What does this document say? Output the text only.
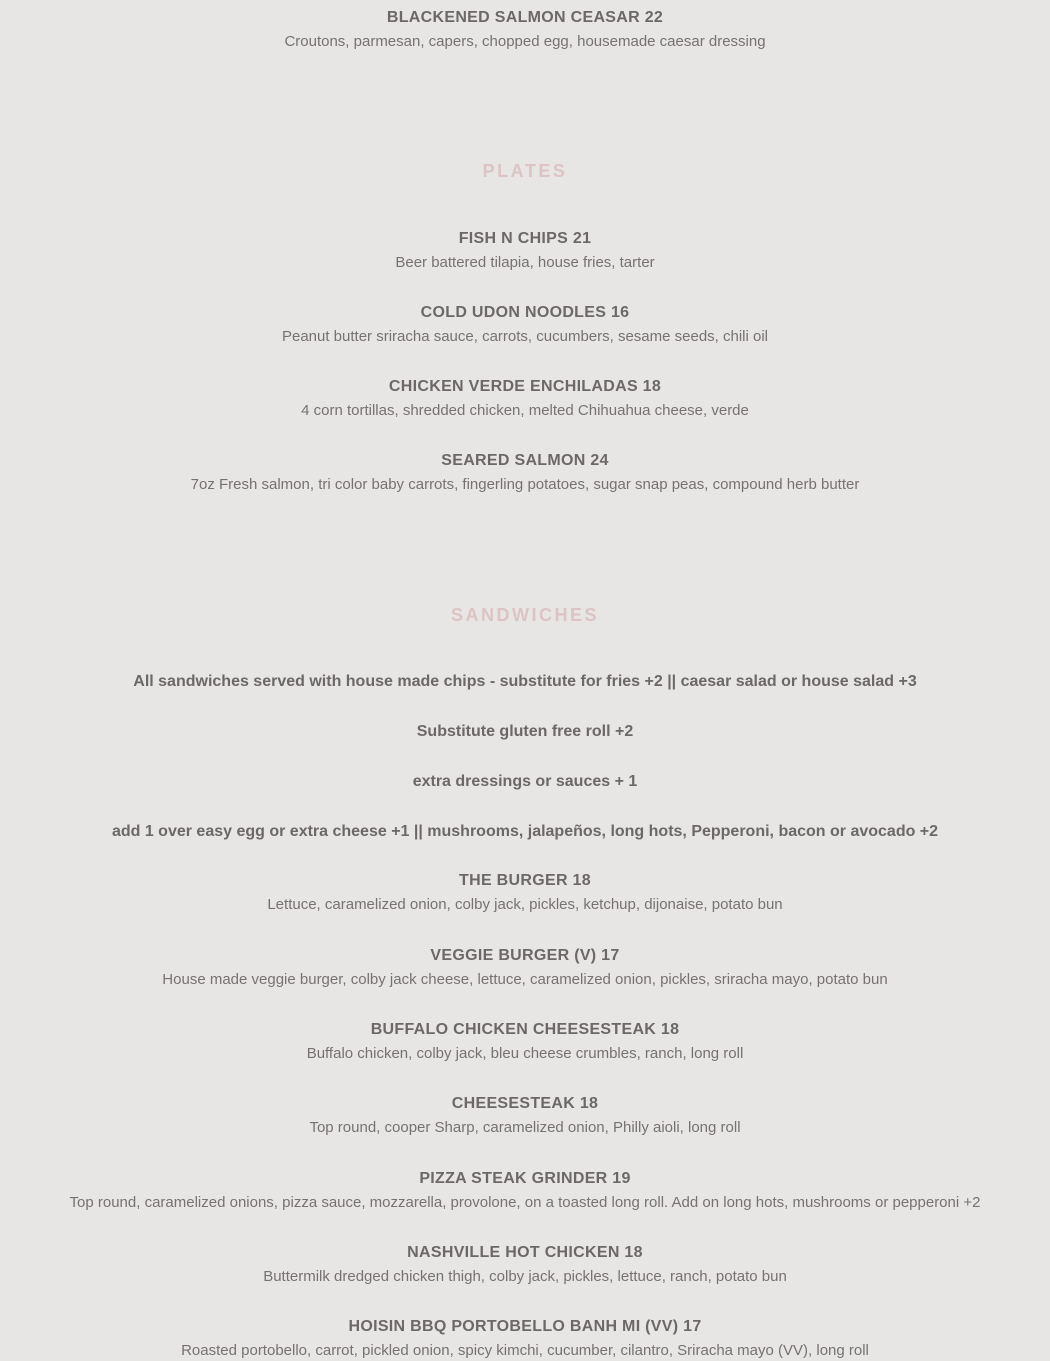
BLACKENED SALMON CEASAR 22

Croutons, parmesan, capers, chopped egg, housemade caesar dressing

PLATES

FISH N CHIPS 21

Beer battered tilapia, house fries, tarter

COLD UDON NOODLES 16

Peanut butter sriracha sauce, carrots, cucumbers, sesame seeds, chili oil

CHICKEN VERDE ENCHILADAS 18

4 corn tortillas, shredded chicken, melted Chihuahua cheese, verde

SEARED SALMON 24

7oz Fresh salmon, tri color baby carrots, fingerling potatoes, sugar snap peas, compound herb butter

SANDWICHES

All sandwiches served with house made chips - substitute for fries +2 || caesar salad or house salad +3

Substitute gluten free roll +2

extra dressings or sauces + 1

add 1 over easy egg or extra cheese +1 || mushrooms, jalapeños, long hots, Pepperoni, bacon or avocado +2

THE BURGER 18

Lettuce, caramelized onion, colby jack, pickles, ketchup, dijonaise, potato bun

VEGGIE BURGER (V) 17

House made veggie burger, colby jack cheese, lettuce, caramelized onion, pickles, sriracha mayo, potato bun

BUFFALO CHICKEN CHEESESTEAK 18

Buffalo chicken, colby jack, bleu cheese crumbles, ranch, long roll

CHEESESTEAK 18

Top round, cooper Sharp, caramelized onion, Philly aioli, long roll

PIZZA STEAK GRINDER 19

Top round, caramelized onions, pizza sauce, mozzarella, provolone, on a toasted long roll. Add on long hots, mushrooms or pepperoni +2

NASHVILLE HOT CHICKEN 18

Buttermilk dredged chicken thigh, colby jack, pickles, lettuce, ranch, potato bun

HOISIN BBQ PORTOBELLO BANH MI (VV) 17

Roasted portobello, carrot, pickled onion, spicy kimchi, cucumber, cilantro, Sriracha mayo (VV), long roll
